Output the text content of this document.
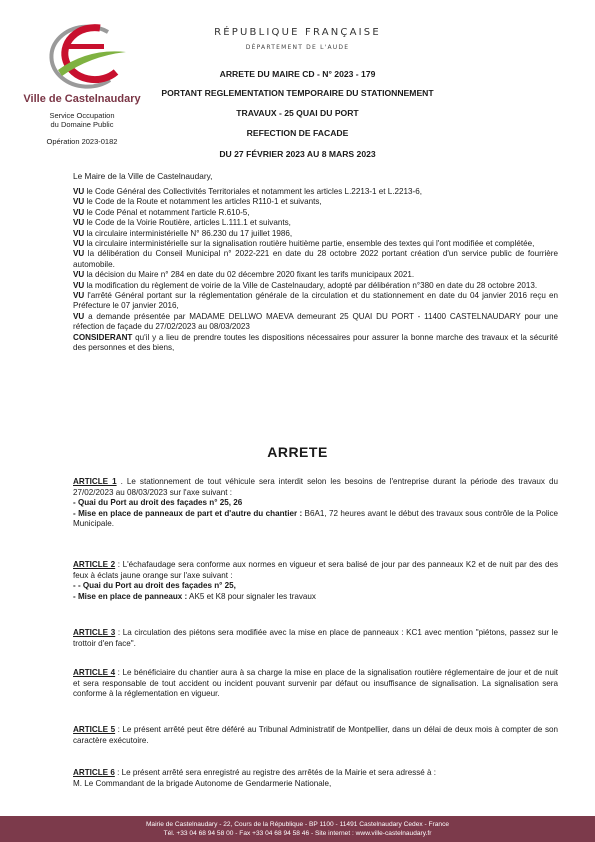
Ville de Castelnaudary
Service Occupation
du Domaine Public
Opération 2023-0182
RÉPUBLIQUE FRANÇAISE
DÉPARTEMENT DE L'AUDE
ARRETE DU MAIRE CD - N° 2023 - 179
PORTANT REGLEMENTATION TEMPORAIRE DU STATIONNEMENT
TRAVAUX - 25 QUAI DU PORT
REFECTION DE FACADE
DU 27 FÉVRIER 2023 AU 8 MARS 2023
Le Maire de la Ville de Castelnaudary,

VU le Code Général des Collectivités Territoriales et notamment les articles L.2213-1 et L.2213-6,

VU le Code de la Route et notamment les articles R110-1 et suivants,

VU le Code Pénal et notamment l'article R.610-5,

VU le Code de la Voirie Routière, articles L.111.1 et suivants,

VU la circulaire interministérielle N° 86.230 du 17 juillet 1986,

VU la circulaire interministérielle sur la signalisation routière huitième partie, ensemble des textes qui l'ont modifiée et complétée,

VU la délibération du Conseil Municipal n° 2022-221 en date du 28 octobre 2022 portant création d'un service public de fourrière automobile.

VU la décision du Maire n° 284 en date du 02 décembre 2020 fixant les tarifs municipaux 2021.

VU la modification du règlement de voirie de la Ville de Castelnaudary, adopté par délibération n°380 en date du 28 octobre 2013.

VU l'arrêté Général portant sur la réglementation générale de la circulation et du stationnement en date du 04 janvier 2016 reçu en Préfecture le 07 janvier 2016,

VU a demande présentée par MADAME DELLWO MAEVA demeurant 25 QUAI DU PORT - 11400 CASTELNAUDARY pour une réfection de façade du 27/02/2023 au 08/03/2023

CONSIDERANT qu'il y a lieu de prendre toutes les dispositions nécessaires pour assurer la bonne marche des travaux et la sécurité des personnes et des biens,

ARRETE

ARTICLE 1 . Le stationnement de tout véhicule sera interdit selon les besoins de l'entreprise durant la période des travaux du 27/02/2023 au 08/03/2023 sur l'axe suivant :

- Quai du Port au droit des façades n° 25, 26

- Mise en place de panneaux de part et d'autre du chantier : B6A1, 72 heures avant le début des travaux sous contrôle de la Police Municipale.

ARTICLE 2 : L'échafaudage sera conforme aux normes en vigueur et sera balisé de jour par des panneaux K2 et de nuit par des des feux à éclats jaune orange sur l'axe suivant :

- - Quai du Port au droit des façades n° 25,

- Mise en place de panneaux : AK5 et K8 pour signaler les travaux

ARTICLE 3 : La circulation des piétons sera modifiée avec la mise en place de panneaux : KC1 avec mention "piétons, passez sur le trottoir d'en face".

ARTICLE 4 : Le bénéficiaire du chantier aura à sa charge la mise en place de la signalisation routière réglementaire de jour et de nuit et sera responsable de tout accident ou incident pouvant survenir par défaut ou insuffisance de signalisation. La signalisation sera conforme à la réglementation en vigueur.

ARTICLE 5 : Le présent arrêté peut être déféré au Tribunal Administratif de Montpellier, dans un délai de deux mois à compter de son caractère exécutoire.

ARTICLE 6 : Le présent arrêté sera enregistré au registre des arrêtés de la Mairie et sera adressé à :

M. Le Commandant de la brigade Autonome de Gendarmerie Nationale,

Mairie de Castelnaudary - 22, Cours de la République - BP 1100 - 11491 Castelnaudary Cedex - France
Tél. +33 04 68 94 58 00 - Fax +33 04 68 94 58 46 - Site internet : www.ville-castelnaudary.fr
